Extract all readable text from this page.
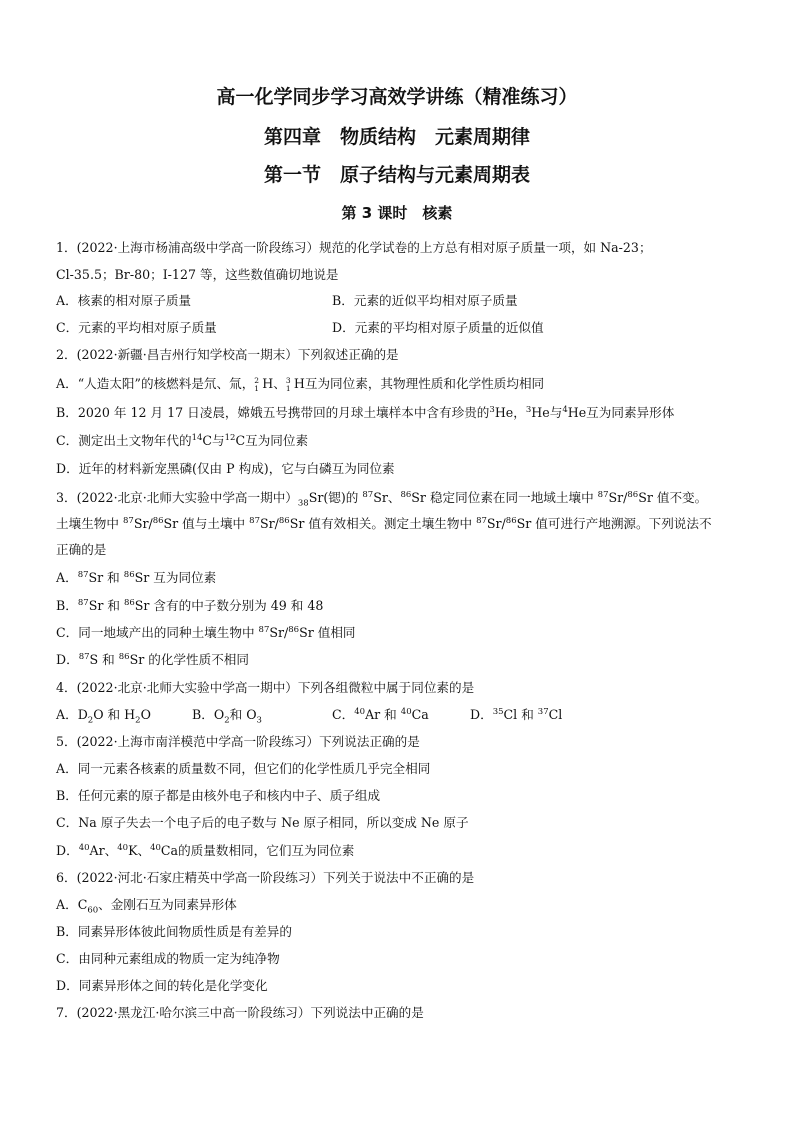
高一化学同步学习高效学讲练（精准练习）
第四章　物质结构　元素周期律
第一节　原子结构与元素周期表
第 3 课时　核素
1．(2022·上海市杨浦高级中学高一阶段练习）规范的化学试卷的上方总有相对原子质量一项，如 Na-23；
Cl-35.5；Br-80；I-127 等，这些数值确切地说是
A．核素的相对原子质量	B．元素的近似平均相对原子质量
C．元素的平均相对原子质量	D．元素的平均相对原子质量的近似值
2．(2022·新疆·昌吉州行知学校高一期末）下列叙述正确的是
A．“人造太阳”的核燃料是氘、氚， 2
1 H、 3
1 H互为同位素，其物理性质和化学性质均相同
B．2020 年 12 月 17 日凌晨，嫦娥五号携带回的月球土壤样本中含有珍贵的$^3$He，$^3$He与$^4$He互为同素异形体
C．测定出土文物年代的$^{14}$C与$^{12}$C互为同位素
D．近年的材料新宠黑磷(仅由 P 构成)，它与白磷互为同位素
3．(2022·北京·北师大实验中学高一期中）$_{38}Sr$(锶)的 $^{87}$Sr、$^{86}$Sr 稳定同位素在同一地域土壤中 $^{87}$Sr/$^{86}$Sr 值不变。
土壤生物中 $^{87}$Sr/$^{86}$Sr 值与土壤中 $^{87}$Sr/$^{86}$Sr 值有效相关。测定土壤生物中 $^{87}$Sr/$^{86}$Sr 值可进行产地溯源。下列说法不
正确的是
A．$^{87}$Sr 和 $^{86}$Sr 互为同位素
B．$^{87}$Sr 和 $^{86}$Sr 含有的中子数分别为 49 和 48
C．同一地域产出的同种土壤生物中 $^{87}$Sr/$^{86}$Sr 值相同
D．$^{87}$S 和 $^{86}$Sr 的化学性质不相同
4．(2022·北京·北师大实验中学高一期中）下列各组微粒中属于同位素的是
A．$D_2O$ 和 $H_2O$	B．$O_2$和 $O_3$	C．$^{40}$Ar 和 $^{40}$Ca	D．$^{35}$Cl 和 $^{37}$Cl
5．(2022·上海市南洋模范中学高一阶段练习）下列说法正确的是
A．同一元素各核素的质量数不同，但它们的化学性质几乎完全相同
B．任何元素的原子都是由核外电子和核内中子、质子组成
C．Na 原子失去一个电子后的电子数与 Ne 原子相同，所以变成 Ne 原子
D．$^{40}$Ar、$^{40}$K、$^{40}$Ca的质量数相同，它们互为同位素
6．(2022·河北·石家庄精英中学高一阶段练习）下列关于说法中不正确的是
A．$C_{60}$、金刚石互为同素异形体
B．同素异形体彼此间物质性质是有差异的
C．由同种元素组成的物质一定为纯净物
D．同素异形体之间的转化是化学变化
7．(2022·黑龙江·哈尔滨三中高一阶段练习）下列说法中正确的是
